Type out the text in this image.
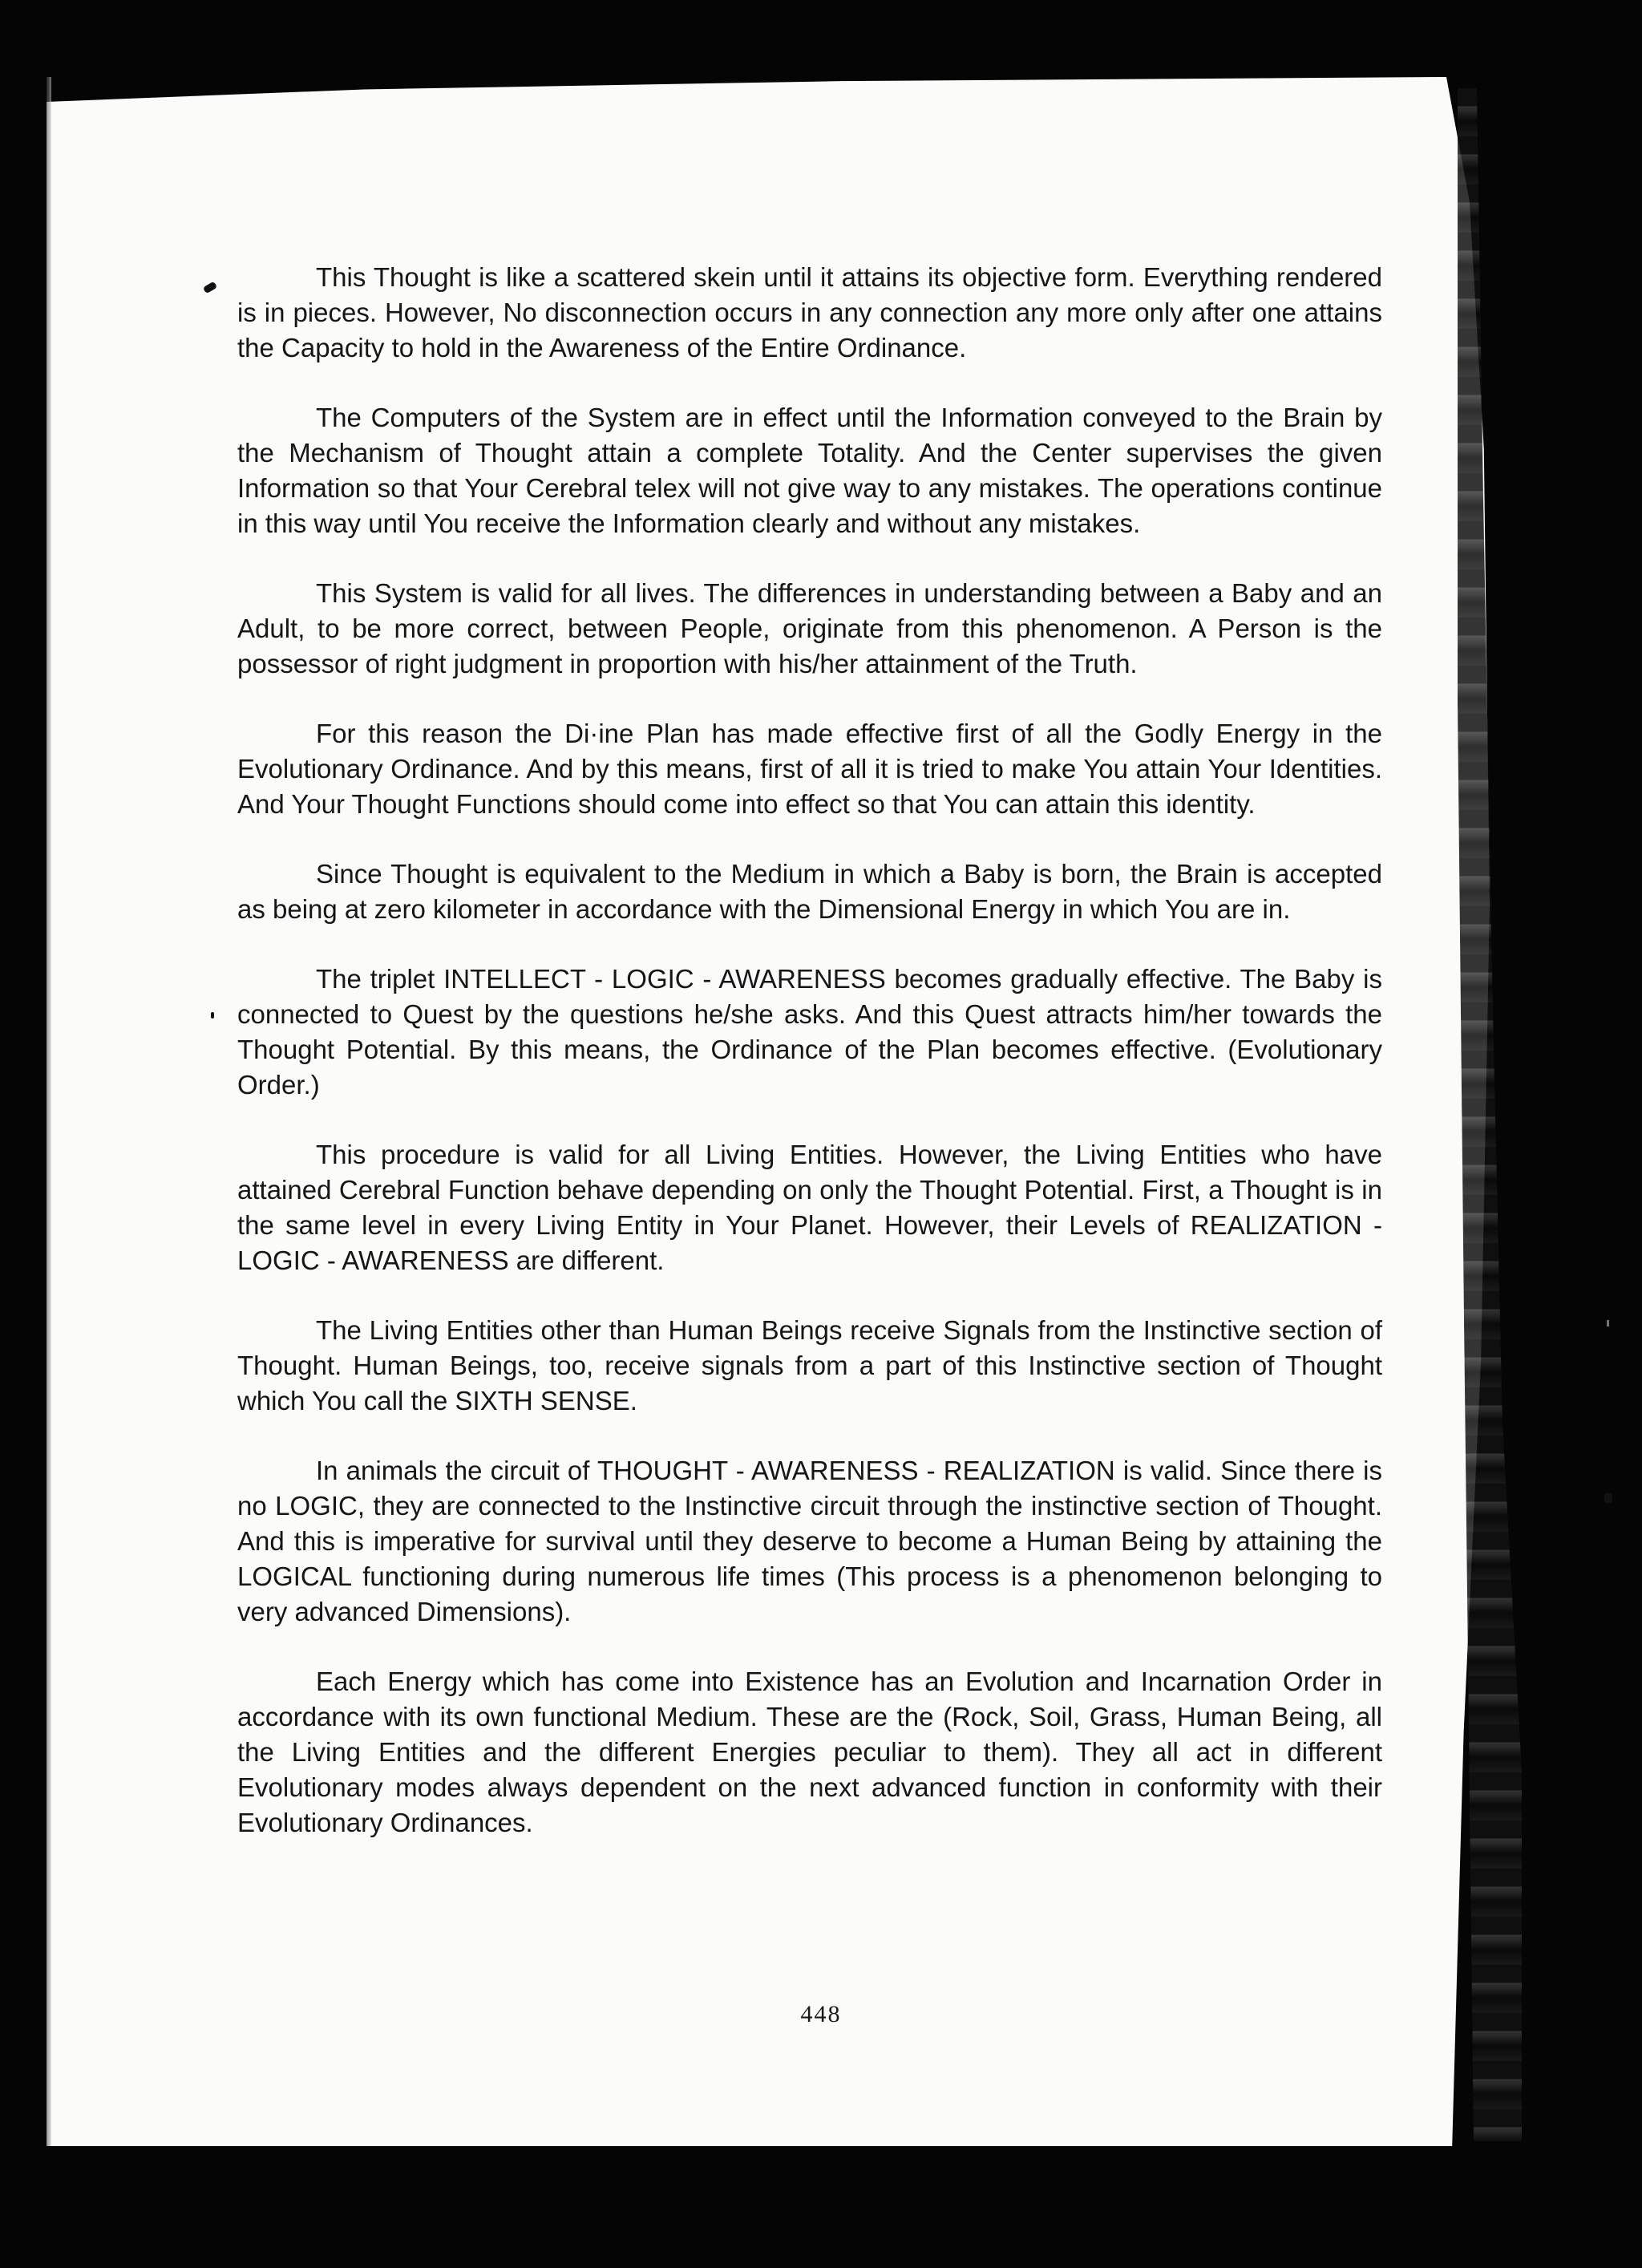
This Thought is like a scattered skein until it attains its objective form. Everything rendered is in pieces. However, No disconnection occurs in any connection any more only after one attains the Capacity to hold in the Awareness of the Entire Ordinance.

The Computers of the System are in effect until the Information conveyed to the Brain by the Mechanism of Thought attain a complete Totality. And the Center supervises the given Information so that Your Cerebral telex will not give way to any mistakes. The operations continue in this way until You receive the Information clearly and without any mistakes.

This System is valid for all lives. The differences in understanding between a Baby and an Adult, to be more correct, between People, originate from this phenomenon. A Person is the possessor of right judgment in proportion with his/her attainment of the Truth.

For this reason the Di·ine Plan has made effective first of all the Godly Energy in the Evolutionary Ordinance. And by this means, first of all it is tried to make You attain Your Identities. And Your Thought Functions should come into effect so that You can attain this identity.

Since Thought is equivalent to the Medium in which a Baby is born, the Brain is accepted as being at zero kilometer in accordance with the Dimensional Energy in which You are in.

The triplet INTELLECT - LOGIC - AWARENESS becomes gradually effective. The Baby is connected to Quest by the questions he/she asks. And this Quest attracts him/her towards the Thought Potential. By this means, the Ordinance of the Plan becomes effective. (Evolutionary Order.)

This procedure is valid for all Living Entities. However, the Living Entities who have attained Cerebral Function behave depending on only the Thought Potential. First, a Thought is in the same level in every Living Entity in Your Planet. However, their Levels of REALIZATION - LOGIC - AWARENESS are different.

The Living Entities other than Human Beings receive Signals from the Instinctive section of Thought. Human Beings, too, receive signals from a part of this Instinctive section of Thought which You call the SIXTH SENSE.

In animals the circuit of THOUGHT - AWARENESS - REALIZATION is valid. Since there is no LOGIC, they are connected to the Instinctive circuit through the instinctive section of Thought. And this is imperative for survival until they deserve to become a Human Being by attaining the LOGICAL functioning during numerous life times (This process is a phenomenon belonging to very advanced Dimensions).

Each Energy which has come into Existence has an Evolution and Incarnation Order in accordance with its own functional Medium. These are the (Rock, Soil, Grass, Human Being, all the Living Entities and the different Energies peculiar to them). They all act in different Evolutionary modes always dependent on the next advanced function in conformity with their Evolutionary Ordinances.

448
